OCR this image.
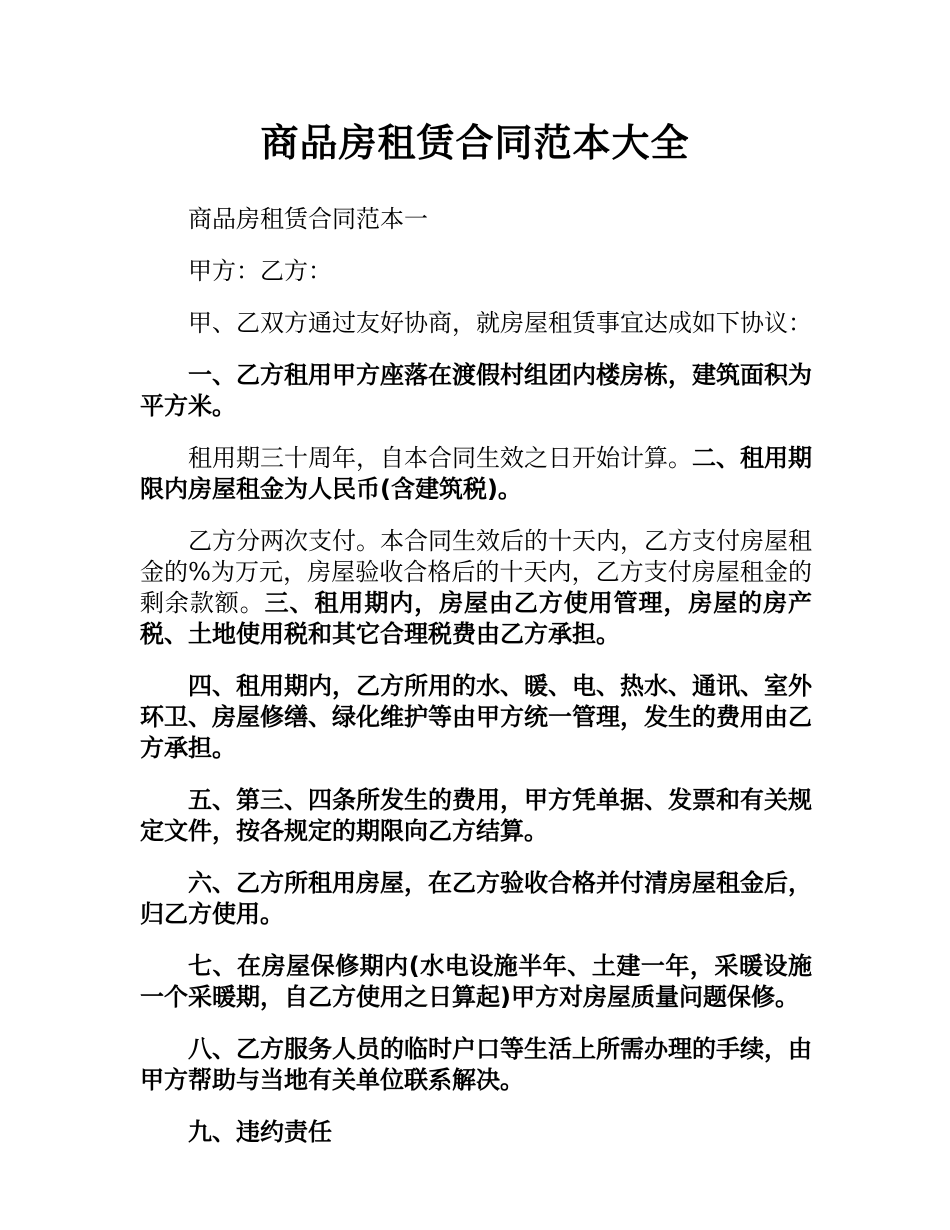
商品房租赁合同范本大全

商品房租赁合同范本一

甲方：乙方：

甲、乙双方通过友好协商，就房屋租赁事宜达成如下协议：

一、乙方租用甲方座落在渡假村组团内楼房栋，建筑面积为平方米。

租用期三十周年，自本合同生效之日开始计算。二、租用期限内房屋租金为人民币(含建筑税)。

乙方分两次支付。本合同生效后的十天内，乙方支付房屋租金的%为万元，房屋验收合格后的十天内，乙方支付房屋租金的剩余款额。三、租用期内，房屋由乙方使用管理，房屋的房产税、土地使用税和其它合理税费由乙方承担。

四、租用期内，乙方所用的水、暖、电、热水、通讯、室外环卫、房屋修缮、绿化维护等由甲方统一管理，发生的费用由乙方承担。

五、第三、四条所发生的费用，甲方凭单据、发票和有关规定文件，按各规定的期限向乙方结算。

六、乙方所租用房屋，在乙方验收合格并付清房屋租金后，归乙方使用。

七、在房屋保修期内(水电设施半年、土建一年，采暖设施一个采暖期，自乙方使用之日算起)甲方对房屋质量问题保修。

八、乙方服务人员的临时户口等生活上所需办理的手续，由甲方帮助与当地有关单位联系解决。

九、违约责任
